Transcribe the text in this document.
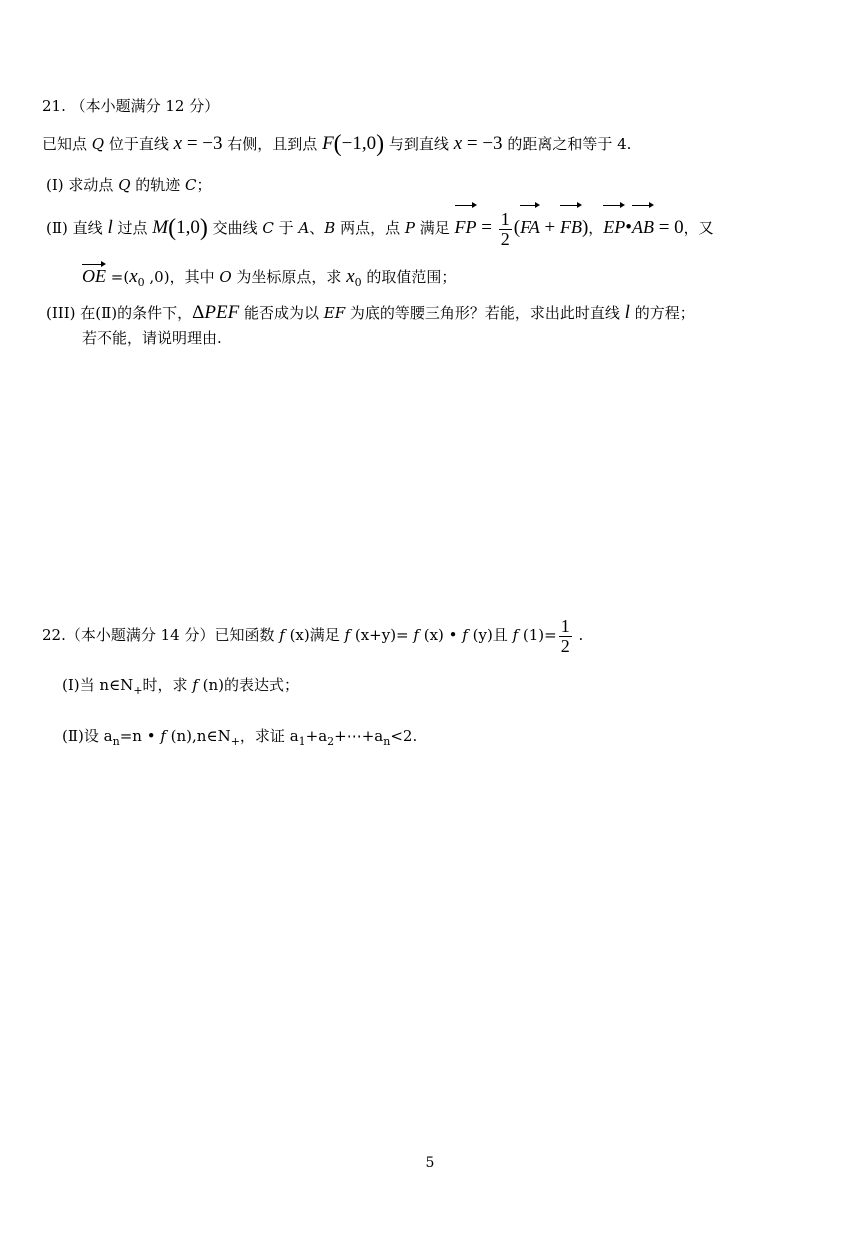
21. （本小题满分 12 分）
已知点 Q 位于直线 x = −3 右侧，且到点 F(−1,0) 与到直线 x = −3 的距离之和等于 4.
(Ⅰ) 求动点 Q 的轨迹 C；
(Ⅱ) 直线 l 过点 M(1,0) 交曲线 C 于 A、B 两点，点 P 满足 FP = $\frac{1}{2} (FA + FB)$，EP•AB = 0，又
OE $=(x_0$ ,0)，其中 O 为坐标原点，求 $x_0$ 的取值范围；
(III) 在(Ⅱ)的条件下，ΔPEF 能否成为以 EF 为底的等腰三角形？若能，求出此时直线 l 的方程；
若不能，请说明理由.
22.（本小题满分 14 分）已知函数 f (x)满足 f (x+y)= f (x) • f (y)且 f $(1)= \frac{1}{2}$ .
(Ⅰ)当 $n\in N_+$时，求 f (n)的表达式；
(Ⅱ)设 $a_n=n$ • f $(n),n\in N_+$，求证 $a_1+a_2+\cdots+a_n<2$.
5
